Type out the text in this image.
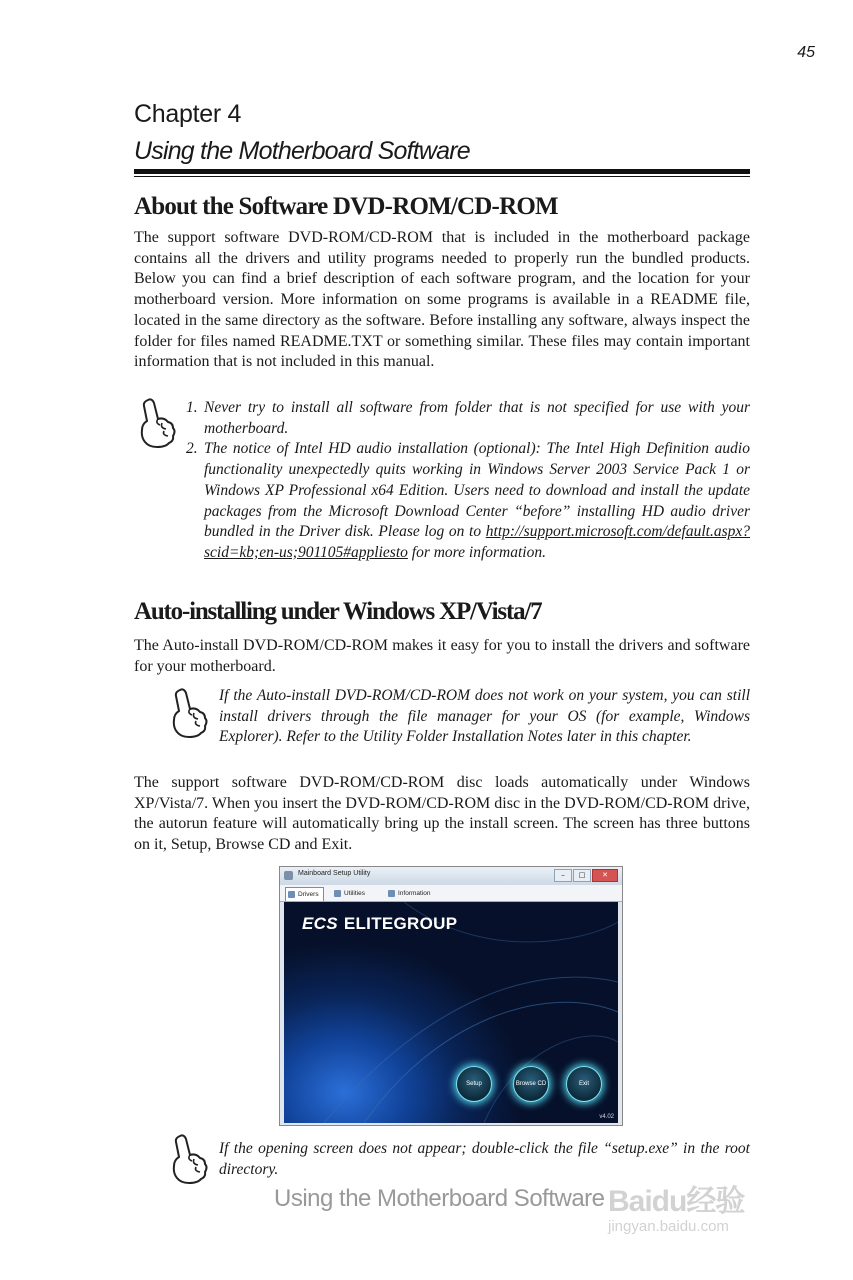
45
Chapter 4
Using the Motherboard Software
About the Software DVD-ROM/CD-ROM
The support software DVD-ROM/CD-ROM that is included in the motherboard package contains all the drivers and utility programs needed to properly run the bundled products. Below you can find a brief description of each software program, and the location for your motherboard version. More information on some programs is available in a README file, located in the same directory as the software. Before installing any software, always inspect the folder for files named README.TXT or something similar. These files may contain important information that is not included in this manual.
1. Never try to install all software from folder that is not specified for use with your motherboard.
2. The notice of Intel HD audio installation (optional): The Intel High Definition audio functionality unexpectedly quits working in Windows Server 2003 Service Pack 1 or Windows XP Professional x64 Edition. Users need to download and install the update packages from the Microsoft Download Center “before” installing HD audio driver bundled in the Driver disk. Please log on to http://support.microsoft.com/default.aspx?scid=kb;en-us;901105#appliesto for more information.
Auto-installing under Windows XP/Vista/7
The Auto-install DVD-ROM/CD-ROM makes it easy for you to install the drivers and software for your motherboard.
If the Auto-install DVD-ROM/CD-ROM does not work on your system, you can still install drivers through the file manager for your OS (for example, Windows Explorer). Refer to the Utility Folder Installation Notes later in this chapter.
The support software DVD-ROM/CD-ROM disc loads automatically under Windows XP/Vista/7. When you insert the DVD-ROM/CD-ROM disc in the DVD-ROM/CD-ROM drive, the autorun feature will automatically bring up the install screen. The screen has three buttons on it, Setup, Browse CD and Exit.
Mainboard Setup Utility	–	□	✕
Drivers	Utilities	Information
ECS ELITEGROUP
Setup	Browse CD	Exit
v4.02
If the opening screen does not appear; double-click the file “setup.exe” in the root directory.
Using the Motherboard Software Baidu经验
jingyan.baidu.com
